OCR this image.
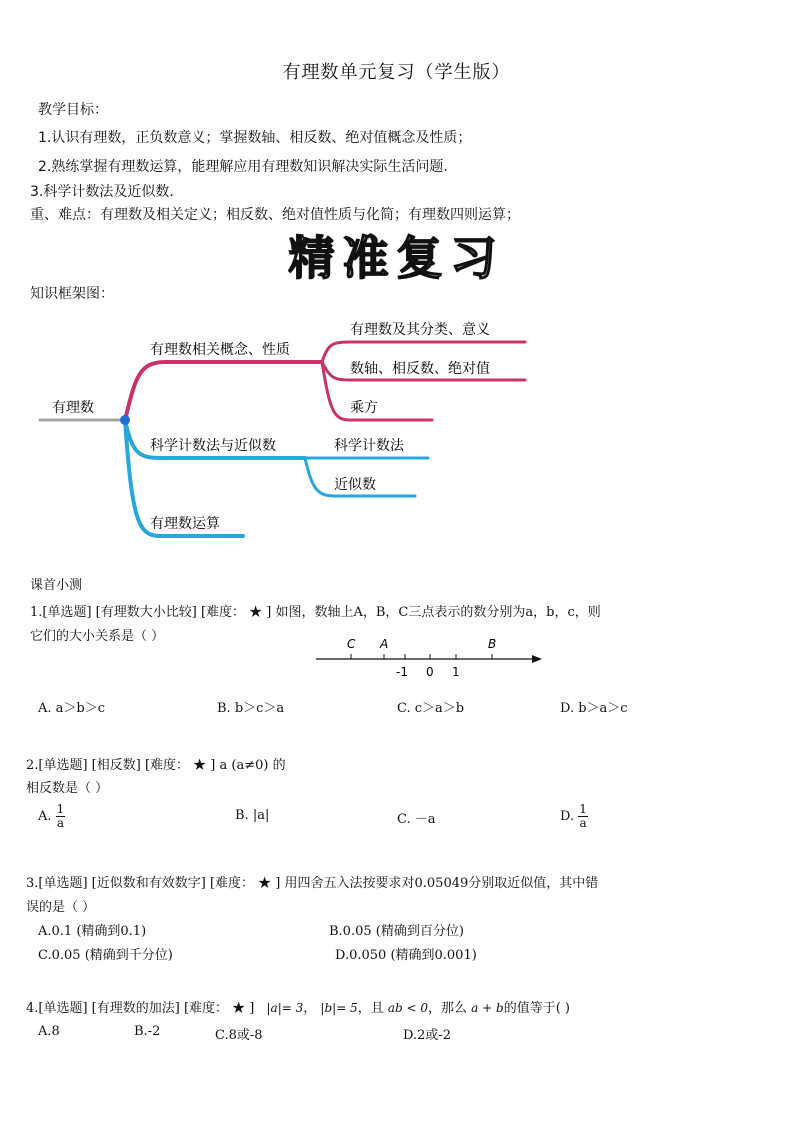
有理数单元复习（学生版）
教学目标：
1.认识有理数，正负数意义；掌握数轴、相反数、绝对值概念及性质；
2.熟练掌握有理数运算，能理解应用有理数知识解决实际生活问题.
3.科学计数法及近似数.
重、难点：有理数及相关定义；相反数、绝对值性质与化简；有理数四则运算；
精准复习
知识框架图：
有理数
有理数相关概念、性质
有理数及其分类、意义
数轴、相反数、绝对值
乘方
科学计数法与近似数	科学计数法
近似数
有理数运算
课首小测
1.[单选题] [有理数大小比较] [难度： ★ ] 如图，数轴上A，B，C三点表示的数分别为a，b，c，则
它们的大小关系是（ ）	C A	B
-1 0 1
A. a＞b＞c	B. b＞c＞a	C. c＞a＞b	D. b＞a＞c
2.[单选题] [相反数] [难度： ★ ] a (a≠0) 的
相反数是（ ）
A. $\frac{1}{a}$	B. |a|	C. －a	D. $\frac{1}{a}$
3.[单选题] [近似数和有效数字] [难度： ★ ] 用四舍五入法按要求对0.05049分别取近似值，其中错
误的是（ ）
A.0.1 (精确到0.1)	B.0.05 (精确到百分位)
C.0.05 (精确到千分位)	D.0.050 (精确到0.001)
4.[单选题] [有理数的加法] [难度： ★ ] |a|= 3， |b|= 5，且 ab < 0，那么 a + b的值等于( )
A.8	B.-2	C.8或-8	D.2或-2
